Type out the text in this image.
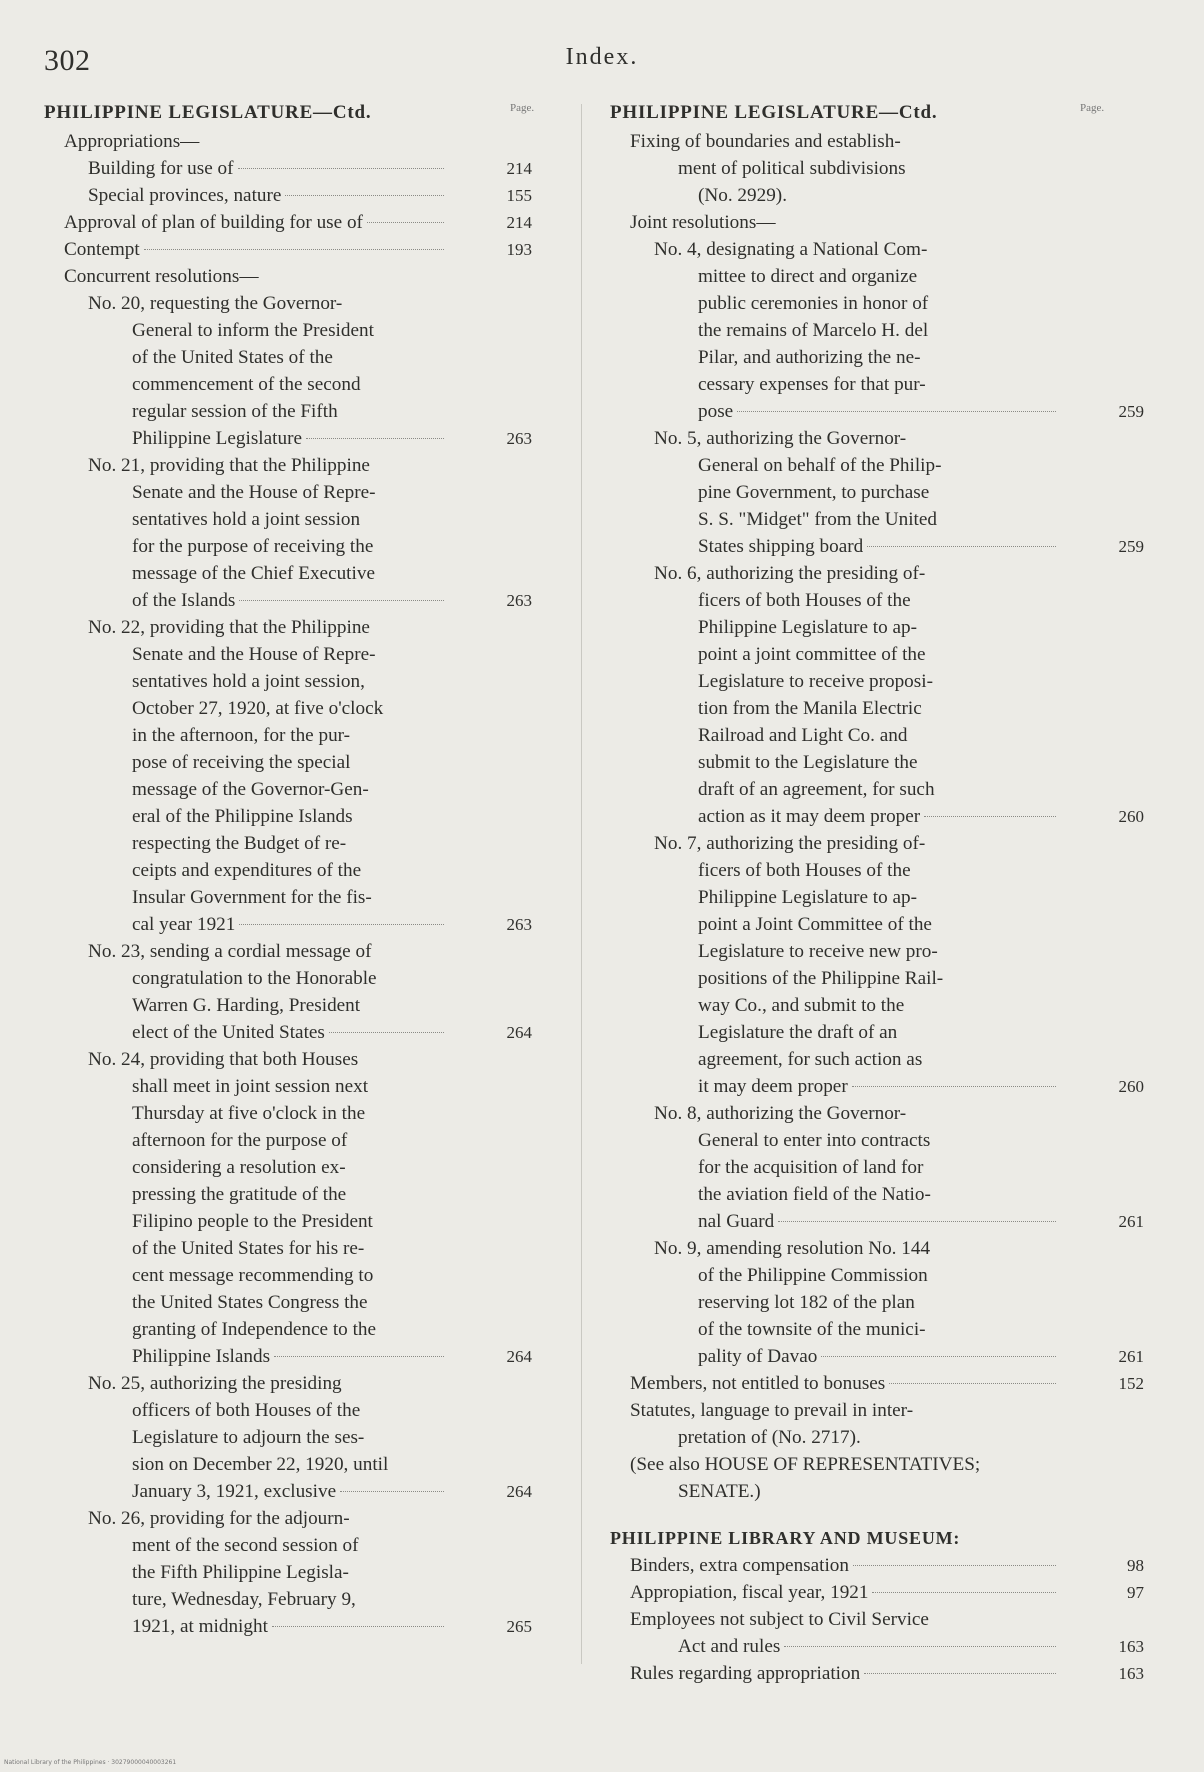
302	Index.
PHILIPPINE LEGISLATURE—Ctd.	Page.
Appropriations—
Building for use of	214
Special provinces, nature	155
Approval of plan of building for use of	214
Contempt	193
Concurrent resolutions—
No. 20, requesting the Governor-
General to inform the President
of the United States of the
commencement of the second
regular session of the Fifth
Philippine Legislature	263
No. 21, providing that the Philippine
Senate and the House of Repre-
sentatives hold a joint session
for the purpose of receiving the
message of the Chief Executive
of the Islands	263
No. 22, providing that the Philippine
Senate and the House of Repre-
sentatives hold a joint session,
October 27, 1920, at five o'clock
in the afternoon, for the pur-
pose of receiving the special
message of the Governor-Gen-
eral of the Philippine Islands
respecting the Budget of re-
ceipts and expenditures of the
Insular Government for the fis-
cal year 1921	263
No. 23, sending a cordial message of
congratulation to the Honorable
Warren G. Harding, President
elect of the United States	264
No. 24, providing that both Houses
shall meet in joint session next
Thursday at five o'clock in the
afternoon for the purpose of
considering a resolution ex-
pressing the gratitude of the
Filipino people to the President
of the United States for his re-
cent message recommending to
the United States Congress the
granting of Independence to the
Philippine Islands	264
No. 25, authorizing the presiding
officers of both Houses of the
Legislature to adjourn the ses-
sion on December 22, 1920, until
January 3, 1921, exclusive	264
No. 26, providing for the adjourn-
ment of the second session of
the Fifth Philippine Legisla-
ture, Wednesday, February 9,
1921, at midnight	265
PHILIPPINE LEGISLATURE—Ctd.	Page.
Fixing of boundaries and establish-
ment of political subdivisions
(No. 2929).
Joint resolutions—
No. 4, designating a National Com-
mittee to direct and organize
public ceremonies in honor of
the remains of Marcelo H. del
Pilar, and authorizing the ne-
cessary expenses for that pur-
pose	259
No. 5, authorizing the Governor-
General on behalf of the Philip-
pine Government, to purchase
S. S. "Midget" from the United
States shipping board	259
No. 6, authorizing the presiding of-
ficers of both Houses of the
Philippine Legislature to ap-
point a joint committee of the
Legislature to receive proposi-
tion from the Manila Electric
Railroad and Light Co. and
submit to the Legislature the
draft of an agreement, for such
action as it may deem proper	260
No. 7, authorizing the presiding of-
ficers of both Houses of the
Philippine Legislature to ap-
point a Joint Committee of the
Legislature to receive new pro-
positions of the Philippine Rail-
way Co., and submit to the
Legislature the draft of an
agreement, for such action as
it may deem proper	260
No. 8, authorizing the Governor-
General to enter into contracts
for the acquisition of land for
the aviation field of the Natio-
nal Guard	261
No. 9, amending resolution No. 144
of the Philippine Commission
reserving lot 182 of the plan
of the townsite of the munici-
pality of Davao	261
Members, not entitled to bonuses	152
Statutes, language to prevail in inter-
pretation of (No. 2717).
(See also HOUSE OF REPRESENTATIVES;
SENATE.)
PHILIPPINE LIBRARY AND MUSEUM:
Binders, extra compensation	98
Appropiation, fiscal year, 1921	97
Employees not subject to Civil Service
Act and rules	163
Rules regarding appropriation	163
National Library of the Philippines · 30279000040003261
